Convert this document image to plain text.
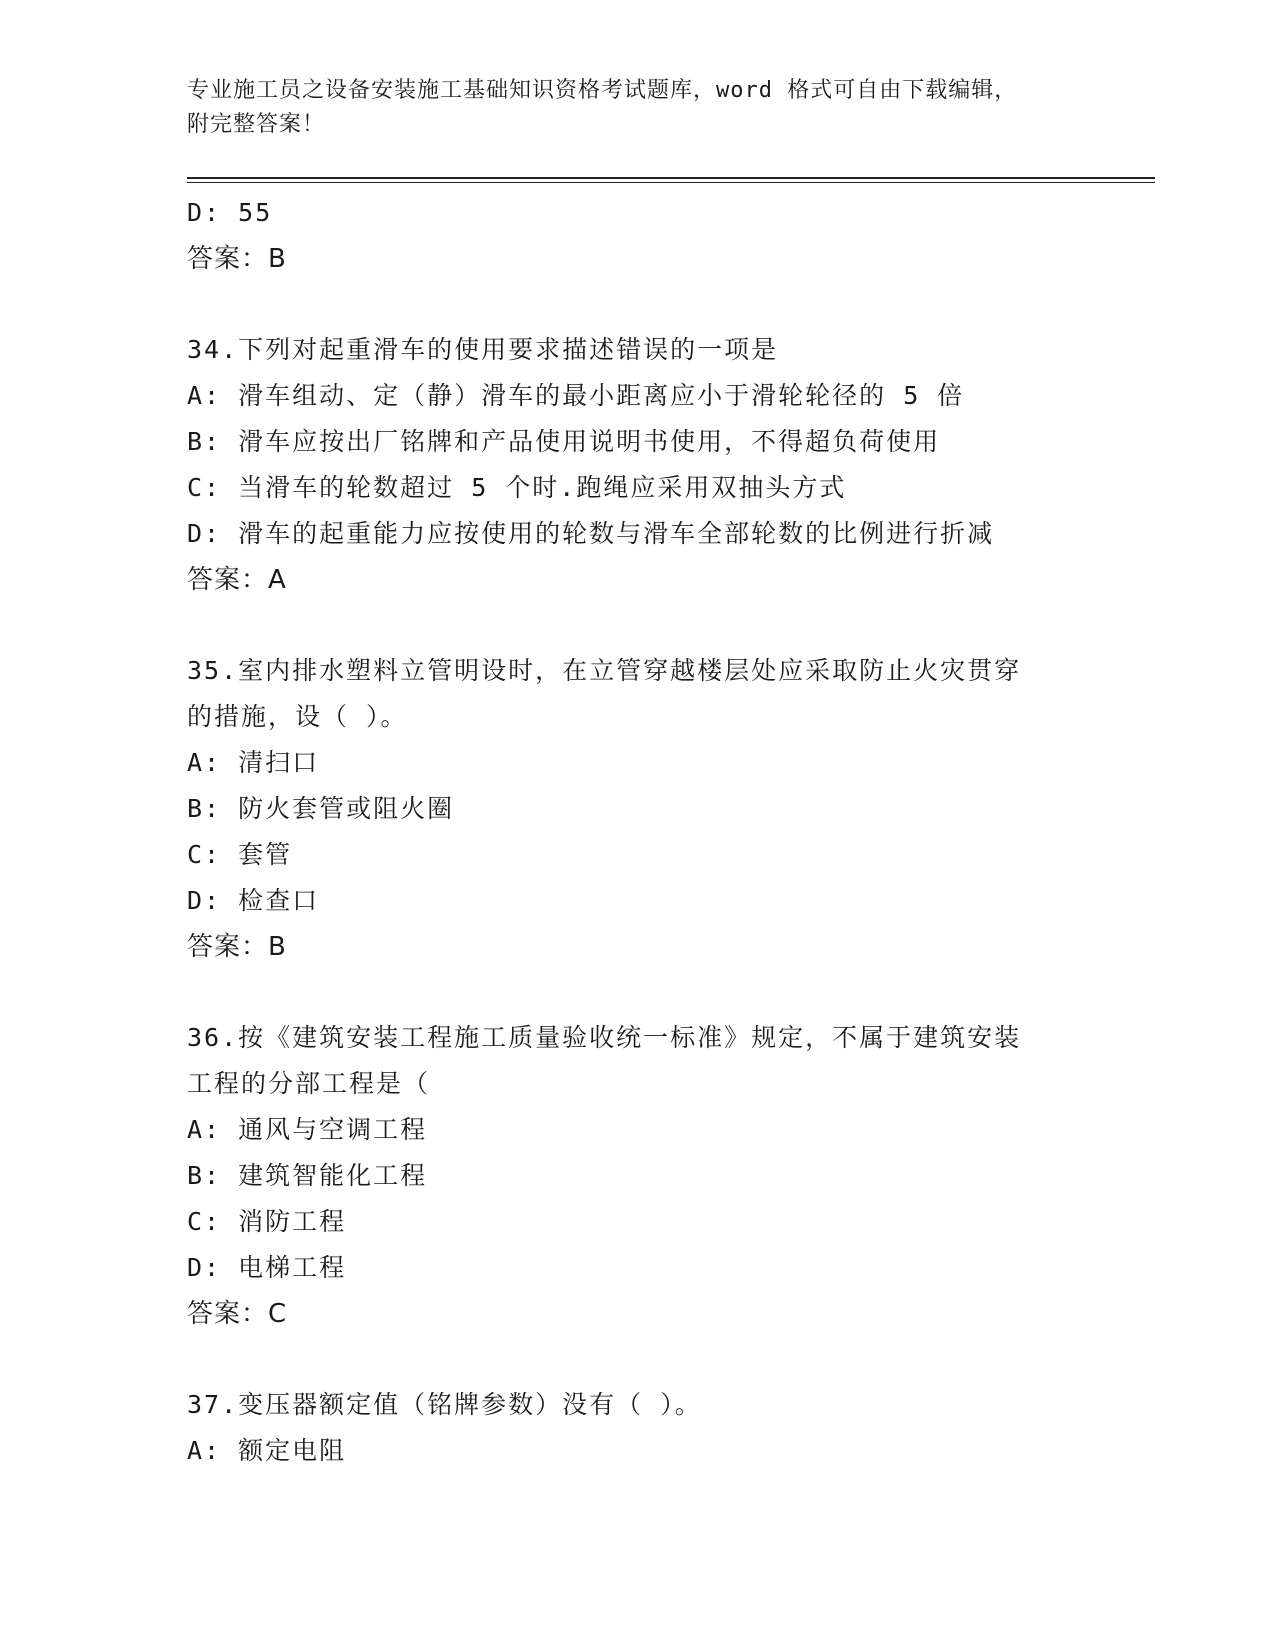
专业施工员之设备安装施工基础知识资格考试题库，word 格式可自由下载编辑，
附完整答案！
D: 55
答案：B
34.下列对起重滑车的使用要求描述错误的一项是
A: 滑车组动、定（静）滑车的最小距离应小于滑轮轮径的 5 倍
B: 滑车应按出厂铭牌和产品使用说明书使用，不得超负荷使用
C: 当滑车的轮数超过 5 个时.跑绳应采用双抽头方式
D: 滑车的起重能力应按使用的轮数与滑车全部轮数的比例进行折减
答案：A
35.室内排水塑料立管明设时，在立管穿越楼层处应采取防止火灾贯穿
的措施，设（ ）。
A: 清扫口
B: 防火套管或阻火圈
C: 套管
D: 检查口
答案：B
36.按《建筑安装工程施工质量验收统一标准》规定，不属于建筑安装
工程的分部工程是（
A: 通风与空调工程
B: 建筑智能化工程
C: 消防工程
D: 电梯工程
答案：C
37.变压器额定值（铭牌参数）没有（ ）。
A: 额定电阻
